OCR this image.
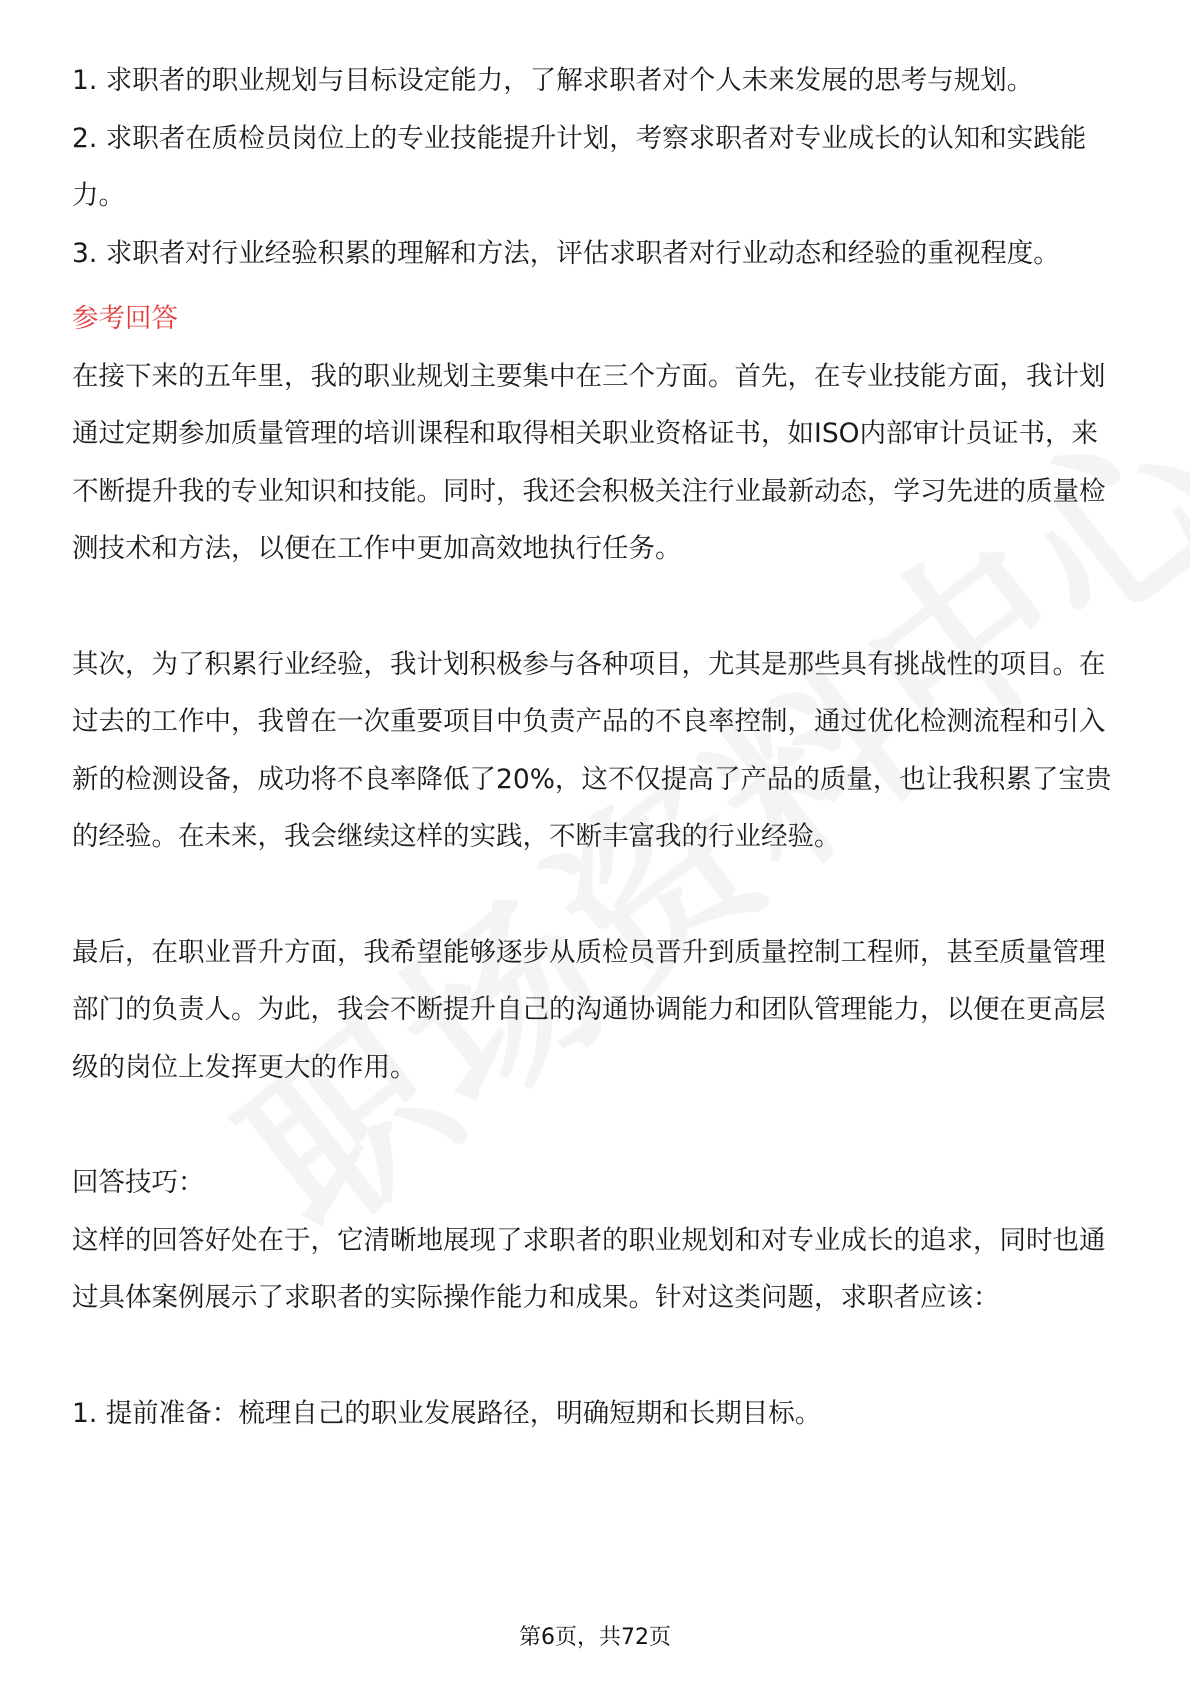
1. 求职者的职业规划与目标设定能力，了解求职者对个人未来发展的思考与规划。

2. 求职者在质检员岗位上的专业技能提升计划，考察求职者对专业成长的认知和实践能力。

3. 求职者对行业经验积累的理解和方法，评估求职者对行业动态和经验的重视程度。

参考回答

在接下来的五年里，我的职业规划主要集中在三个方面。首先，在专业技能方面，我计划通过定期参加质量管理的培训课程和取得相关职业资格证书，如ISO内部审计员证书，来不断提升我的专业知识和技能。同时，我还会积极关注行业最新动态，学习先进的质量检测技术和方法，以便在工作中更加高效地执行任务。

其次，为了积累行业经验，我计划积极参与各种项目，尤其是那些具有挑战性的项目。在过去的工作中，我曾在一次重要项目中负责产品的不良率控制，通过优化检测流程和引入新的检测设备，成功将不良率降低了20%，这不仅提高了产品的质量，也让我积累了宝贵的经验。在未来，我会继续这样的实践，不断丰富我的行业经验。

最后，在职业晋升方面，我希望能够逐步从质检员晋升到质量控制工程师，甚至质量管理部门的负责人。为此，我会不断提升自己的沟通协调能力和团队管理能力，以便在更高层级的岗位上发挥更大的作用。

回答技巧：

这样的回答好处在于，它清晰地展现了求职者的职业规划和对专业成长的追求，同时也通过具体案例展示了求职者的实际操作能力和成果。针对这类问题，求职者应该：

1. 提前准备：梳理自己的职业发展路径，明确短期和长期目标。

第6页，共72页
